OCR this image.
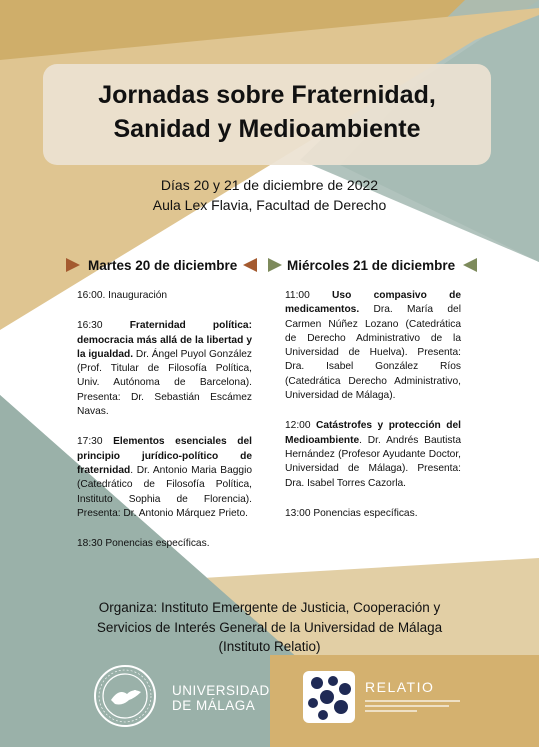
Jornadas sobre Fraternidad,
Sanidad y Medioambiente
Días 20 y 21 de diciembre de 2022
Aula Lex Flavia, Facultad de Derecho
Martes 20 de diciembre	Miércoles 21 de diciembre

16:00. Inauguración

16:30	Fraternidad política: democracia más allá de la libertad y la igualdad. Dr. Ángel Puyol González (Prof. Titular de Filosofía Política, Univ. Autónoma de Barcelona). Presenta: Dr. Sebastián Escámez Navas.

17:30 Elementos esenciales del principio jurídico-político de fraternidad. Dr. Antonio Maria Baggio (Catedrático de Filosofía Política, Instituto Sophia de Florencia). Presenta: Dr. Antonio Márquez Prieto.

18:30 Ponencias específicas.

11:00 Uso compasivo de medicamentos. Dra. María del Carmen Núñez Lozano (Catedrática de Derecho Administrativo de la Universidad de Huelva). Presenta: Dra. Isabel González Ríos (Catedrática Derecho Administrativo, Universidad de Málaga).

12:00 Catástrofes y protección del Medioambiente. Dr. Andrés Bautista Hernández (Profesor Ayudante Doctor, Universidad de Málaga). Presenta: Dra. Isabel Torres Cazorla.

13:00 Ponencias específicas.

Organiza: Instituto Emergente de Justicia, Cooperación y
Servicios de Interés General de la Universidad de Málaga
(Instituto Relatio)
UNIVERSIDAD
DE MÁLAGA
RELATIO
